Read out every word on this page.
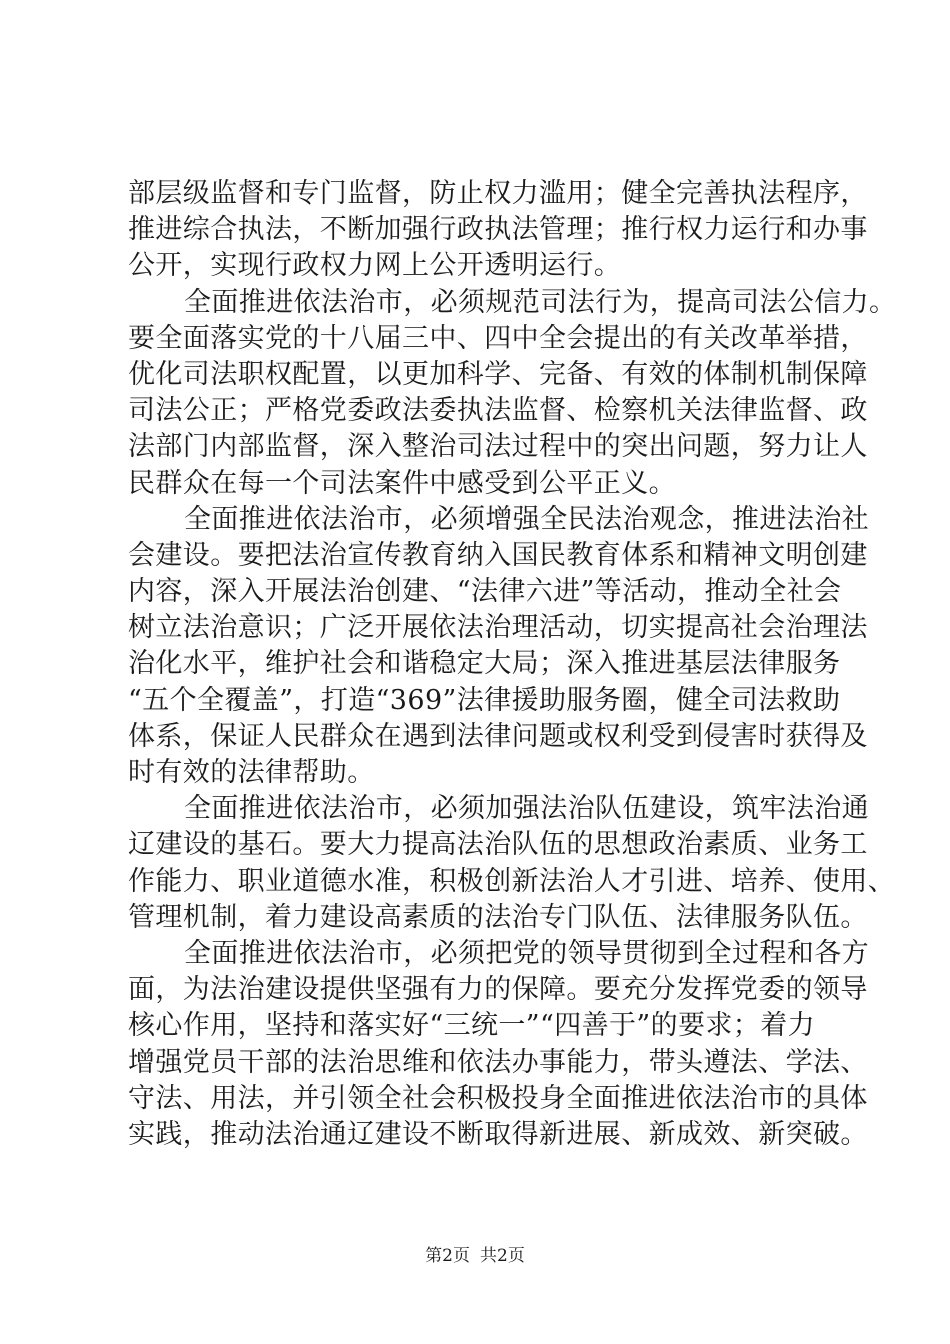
部层级监督和专门监督，防止权力滥用；健全完善执法程序，
推进综合执法，不断加强行政执法管理；推行权力运行和办事
公开，实现行政权力网上公开透明运行。
全面推进依法治市，必须规范司法行为，提高司法公信力。
要全面落实党的十八届三中、四中全会提出的有关改革举措，
优化司法职权配置，以更加科学、完备、有效的体制机制保障
司法公正；严格党委政法委执法监督、检察机关法律监督、政
法部门内部监督，深入整治司法过程中的突出问题，努力让人
民群众在每一个司法案件中感受到公平正义。
全面推进依法治市，必须增强全民法治观念，推进法治社
会建设。要把法治宣传教育纳入国民教育体系和精神文明创建
内容，深入开展法治创建、“法律六进”等活动，推动全社会
树立法治意识；广泛开展依法治理活动，切实提高社会治理法
治化水平，维护社会和谐稳定大局；深入推进基层法律服务
“五个全覆盖”，打造“369”法律援助服务圈，健全司法救助
体系，保证人民群众在遇到法律问题或权利受到侵害时获得及
时有效的法律帮助。
全面推进依法治市，必须加强法治队伍建设，筑牢法治通
辽建设的基石。要大力提高法治队伍的思想政治素质、业务工
作能力、职业道德水准，积极创新法治人才引进、培养、使用、
管理机制，着力建设高素质的法治专门队伍、法律服务队伍。
全面推进依法治市，必须把党的领导贯彻到全过程和各方
面，为法治建设提供坚强有力的保障。要充分发挥党委的领导
核心作用，坚持和落实好“三统一”“四善于”的要求；着力
增强党员干部的法治思维和依法办事能力，带头遵法、学法、
守法、用法，并引领全社会积极投身全面推进依法治市的具体
实践，推动法治通辽建设不断取得新进展、新成效、新突破。
第2页 共2页
